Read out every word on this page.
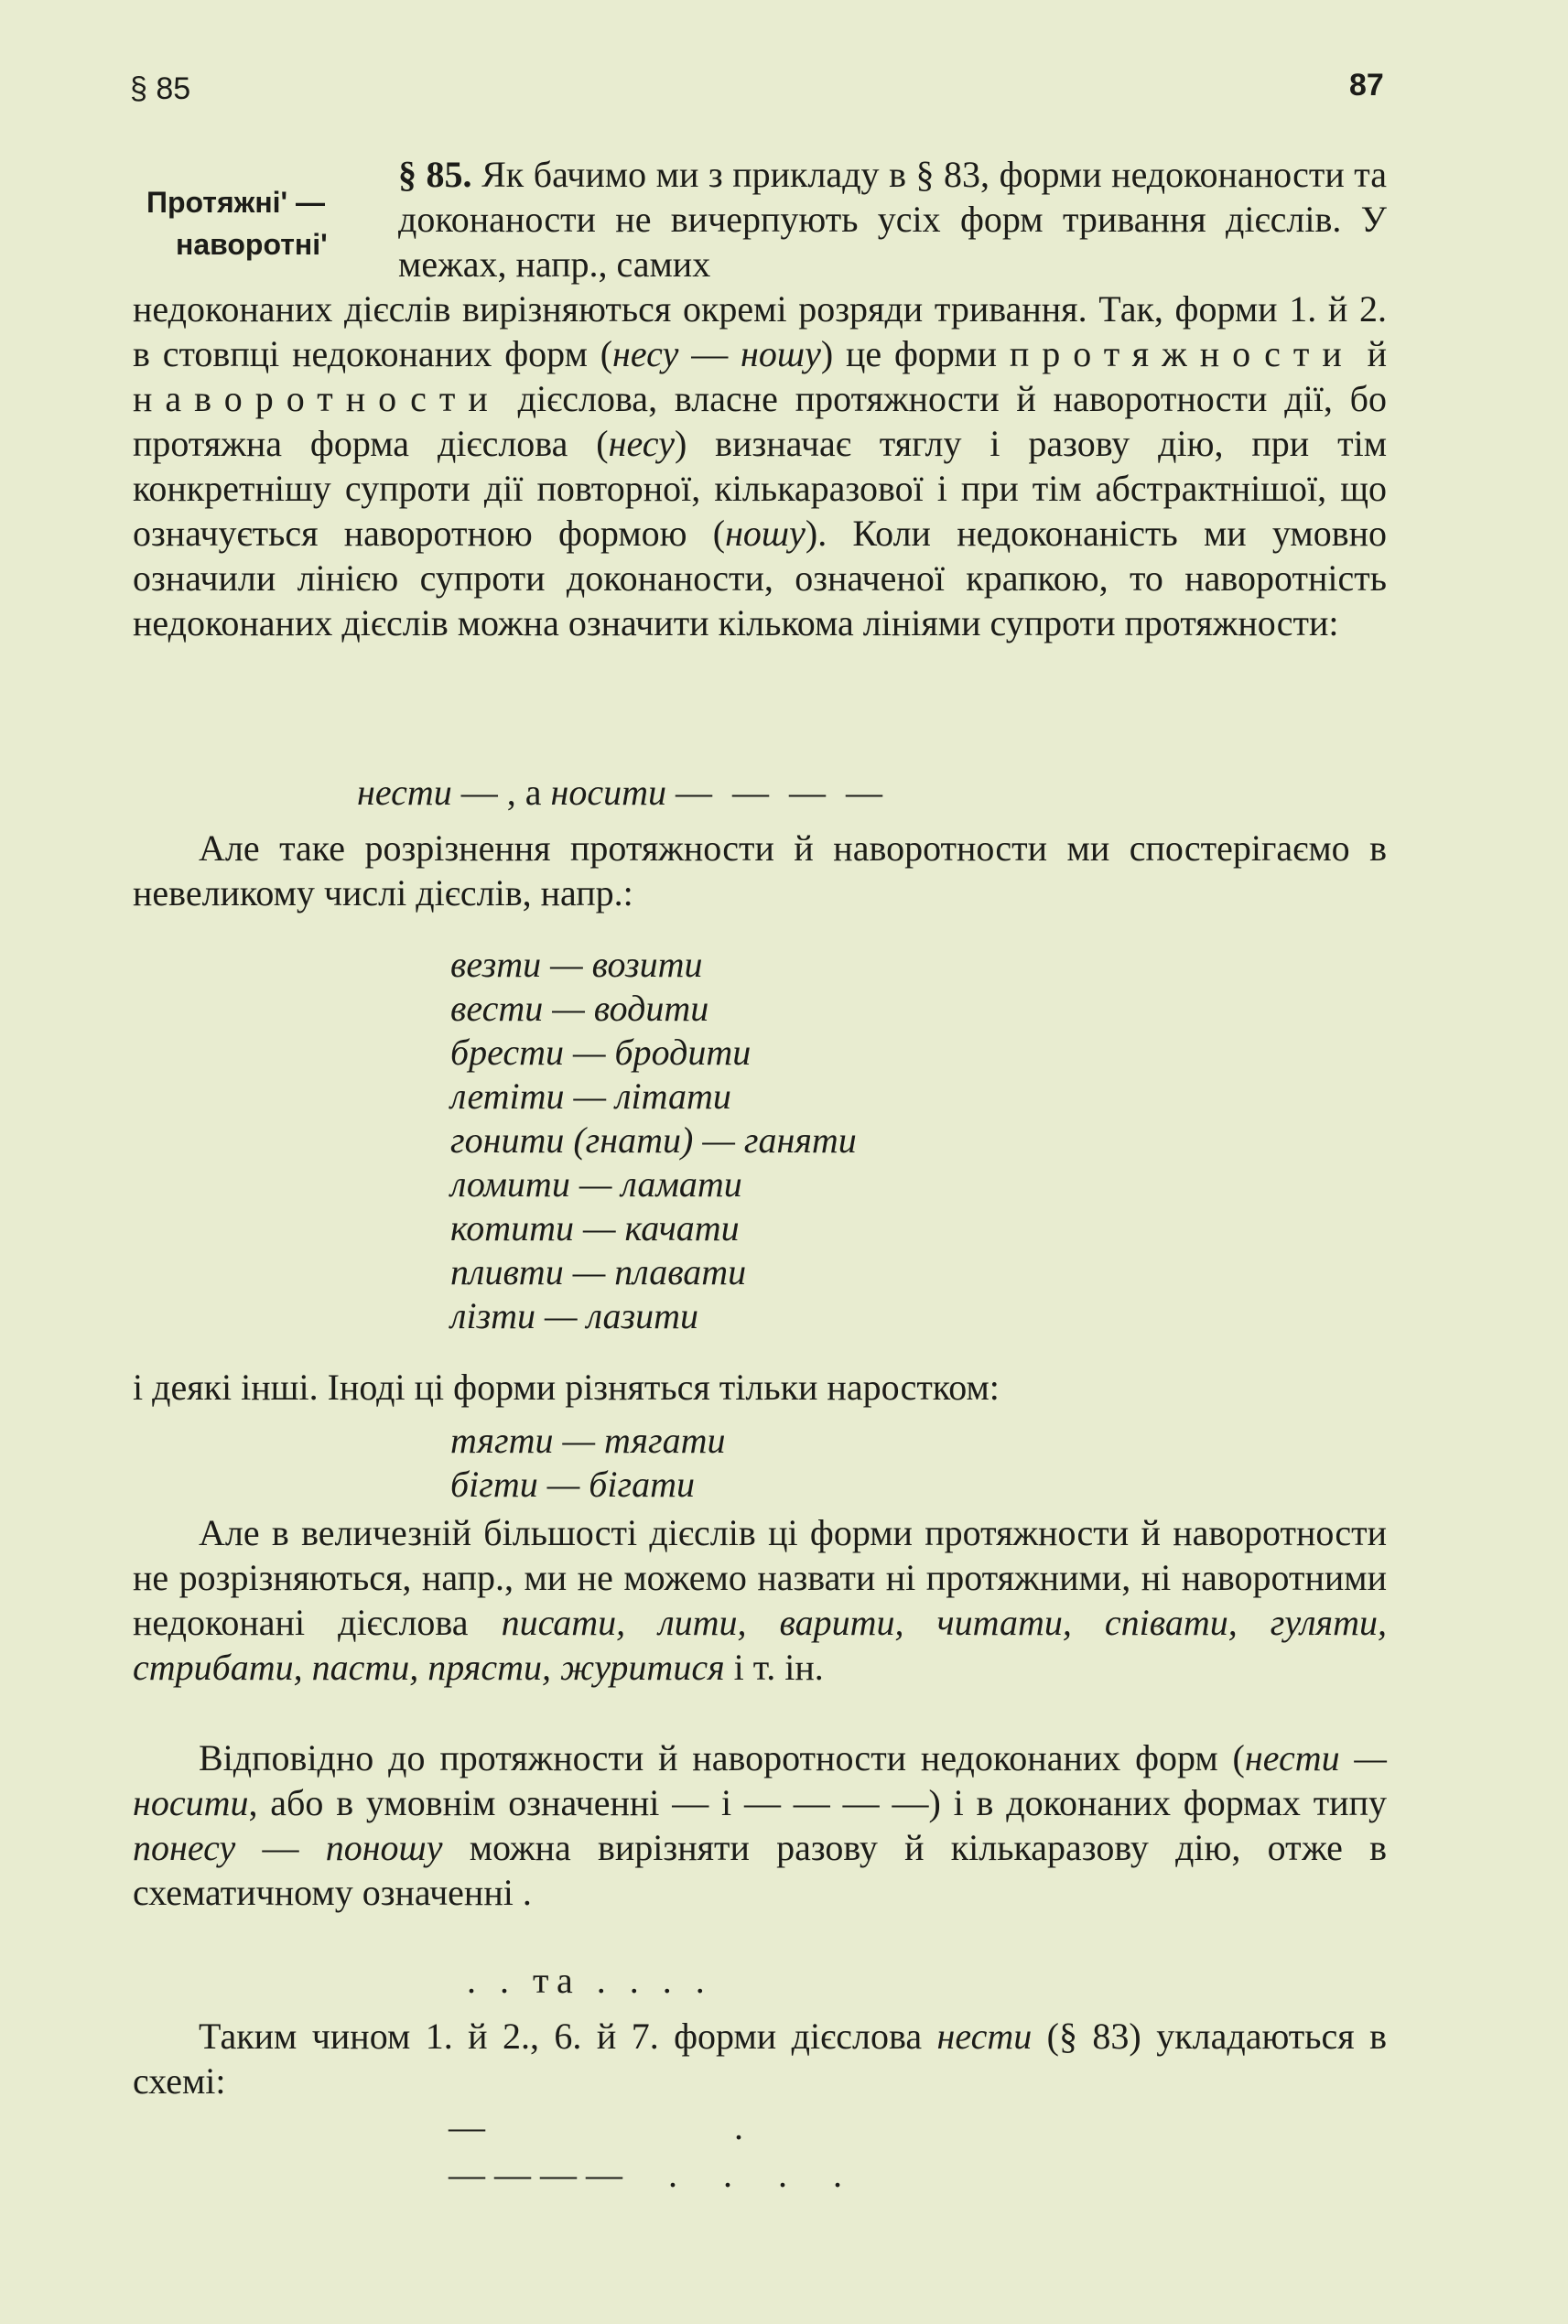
§ 85	87
Протяжні' —
наворотні'
§ 85. Як бачимо ми з прикладу в § 83, форми недоконаности та доконаности не вичерпують усіх форм тривання дієслів. У межах, напр., самих
недоконаних дієслів вирізняються окремі розряди тривання. Так, форми 1. й 2. в стовпці недоконаних форм (несу — ношу) це форми протяжности й наворотности дієслова, власне протяжности й наворотности дії, бо протяжна форма дієслова (несу) визначає тяглу і разову дію, при тім конкретнішу супроти дії повторної, кількаразової і при тім абстрактнішої, що означується наворотною формою (ношу). Коли недоконаність ми умовно означили лінією супроти доконаности, означеної крапкою, то наворотність недоконаних дієслів можна означити кількома лініями супроти протяжности:
нести — , а носити — — — —
Але таке розрізнення протяжности й наворотности ми спостерігаємо в невеликому числі дієслів, напр.:
везти — возити
вести — водити
брести — бродити
летіти — літати
гонити (гнати) — ганяти
ломити — ламати
котити — качати
пливти — плавати
лізти — лазити
і деякі інші. Іноді ці форми різняться тільки наростком:
тягти — тягати
бігти — бігати
Але в величезній більшості дієслів ці форми протяжности й наворотности не розрізняються, напр., ми не можемо назвати ні протяжними, ні наворотними недоконані дієслова писати, лити, варити, читати, співати, гуляти, стрибати, пасти, прясти, журитися і т. ін.
Відповідно до протяжности й наворотности недоконаних форм (нести — носити, або в умовнім означенні — і — — — —) і в доконаних формах типу понесу — поношу можна вирізняти разову й кількаразову дію, отже в схематичному означенні .
. . та . . . .
Таким чином 1. й 2., 6. й 7. форми дієслова нести (§ 83) укладаються в схемі:
—	.
— — — — . . . .
